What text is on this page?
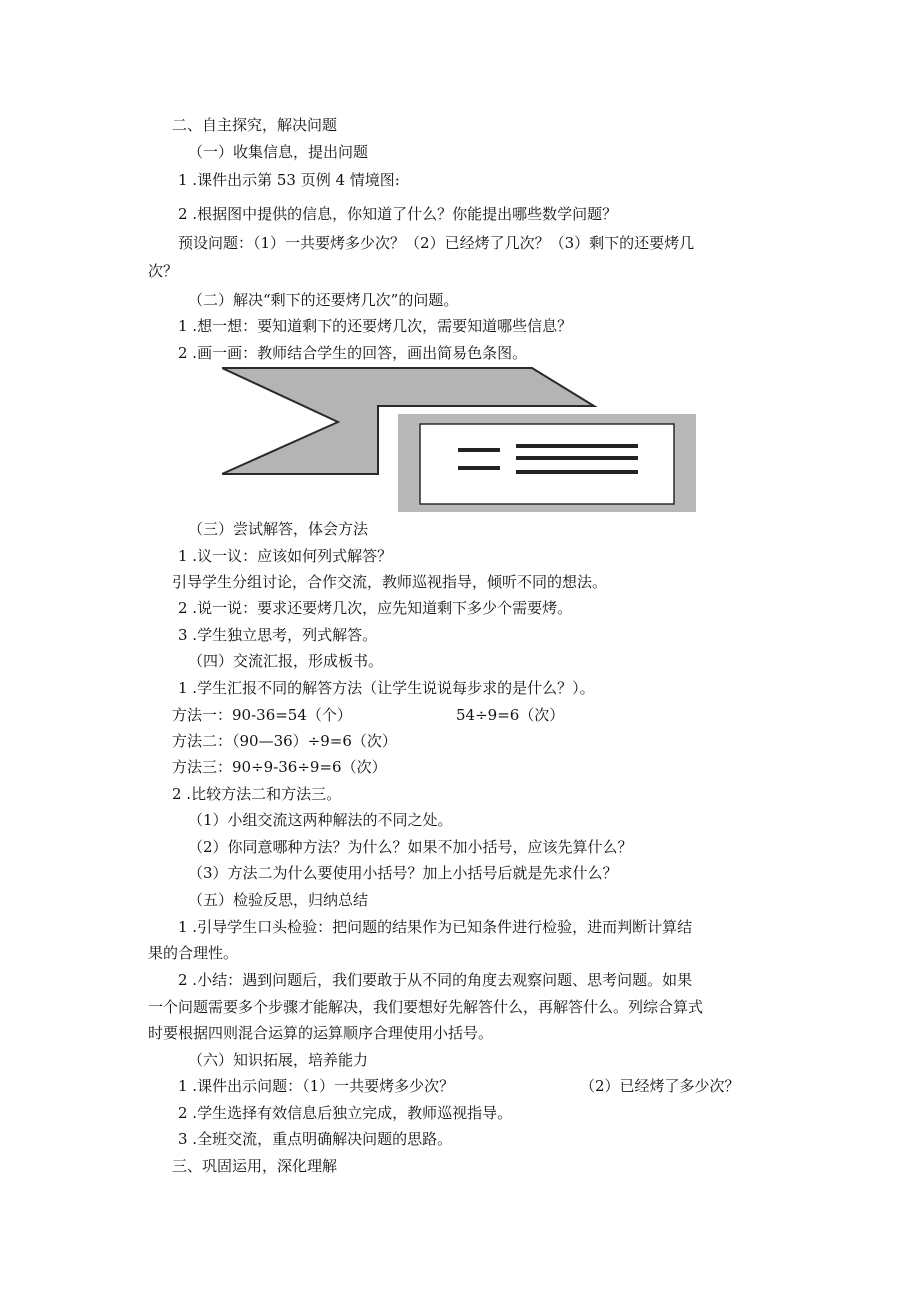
二、自主探究，解决问题
（一）收集信息，提出问题
1 .课件出示第 53 页例 4 情境图:
2 .根据图中提供的信息，你知道了什么？你能提出哪些数学问题？
预设问题：（1）一共要烤多少次？（2）已经烤了几次？（3）剩下的还要烤几
次？
（二）解决“剩下的还要烤几次”的问题。
1 .想一想：要知道剩下的还要烤几次，需要知道哪些信息？
2 .画一画：教师结合学生的回答，画出简易色条图。
（三）尝试解答，体会方法
1 .议一议：应该如何列式解答？
引导学生分组讨论，合作交流，教师巡视指导，倾听不同的想法。
2 .说一说：要求还要烤几次，应先知道剩下多少个需要烤。
3 .学生独立思考，列式解答。
（四）交流汇报，形成板书。
1 .学生汇报不同的解答方法（让学生说说每步求的是什么？）。
方法一：90-36=54（个）	54÷9=6（次）
方法二：（90—36）÷9=6（次）
方法三：90÷9-36÷9=6（次）
2 .比较方法二和方法三。
（1）小组交流这两种解法的不同之处。
（2）你同意哪种方法？为什么？如果不加小括号，应该先算什么？
（3）方法二为什么要使用小括号？加上小括号后就是先求什么？
（五）检验反思，归纳总结
1 .引导学生口头检验：把问题的结果作为已知条件进行检验，进而判断计算结
果的合理性。
2 .小结：遇到问题后，我们要敢于从不同的角度去观察问题、思考问题。如果
一个问题需要多个步骤才能解决，我们要想好先解答什么，再解答什么。列综合算式
时要根据四则混合运算的运算顺序合理使用小括号。
（六）知识拓展，培养能力
1 .课件出示问题：（1）一共要烤多少次？	（2）已经烤了多少次？
2 .学生选择有效信息后独立完成，教师巡视指导。
3 .全班交流，重点明确解决问题的思路。
三、巩固运用，深化理解
